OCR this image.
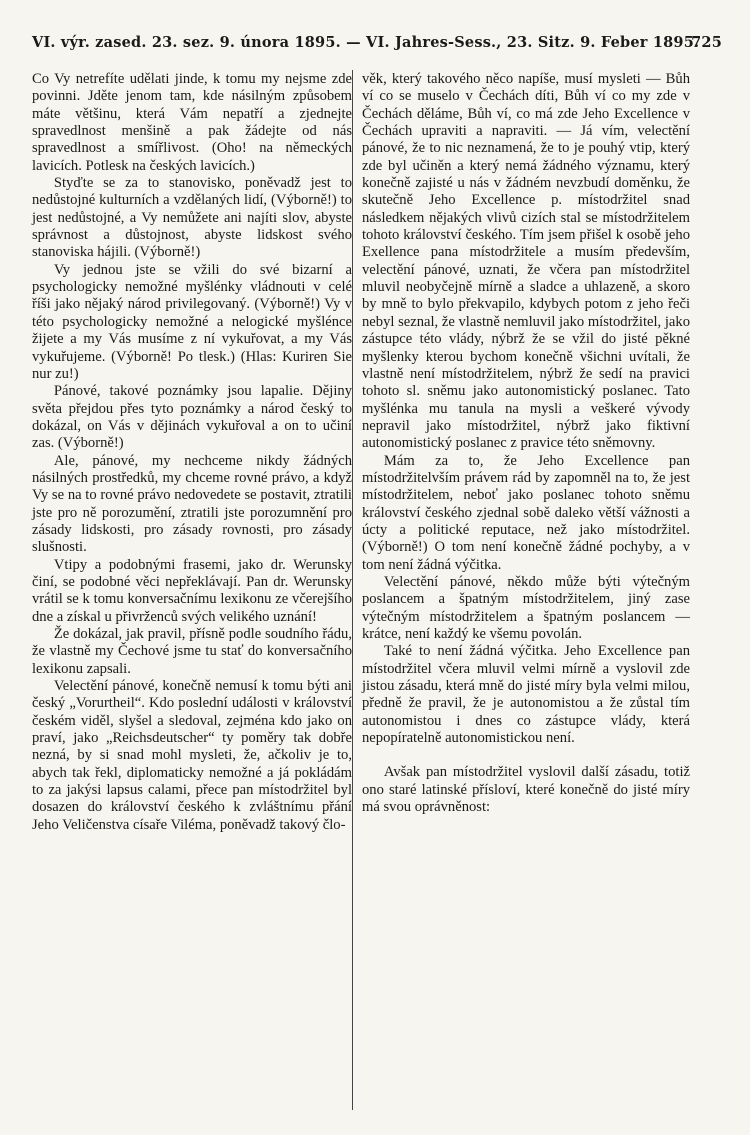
VI. výr. zased. 23. sez. 9. února 1895. — VI. Jahres-Sess., 23. Sitz. 9. Feber 1895.
725

Co Vy netrefíte udělati jinde, k tomu my nejsme zde povinni. Jděte jenom tam, kde násilným způsobem máte většinu, která Vám nepatří a zjednejte spravedlnost menšině a pak žádejte od nás spravedlnost a smířlivost. (Oho! na německých lavicích. Potlesk na českých lavicích.)

Styďte se za to stanovisko, poněvadž jest to nedůstojné kulturních a vzdělaných lidí, (Výborně!) to jest nedůstojné, a Vy nemůžete ani najíti slov, abyste správnost a důstojnost, abyste lidskost svého stanoviska hájili. (Výborně!)

Vy jednou jste se vžili do své bizarní a psychologicky nemožné myšlénky vládnouti v celé říši jako nějaký národ privilegovaný. (Výborně!) Vy v této psychologicky nemožné a nelogické myšlénce žijete a my Vás musíme z ní vykuřovat, a my Vás vykuřujeme. (Výborně! Po tlesk.) (Hlas: Kuriren Sie nur zu!)

Pánové, takové poznámky jsou lapalie. Dějiny světa přejdou přes tyto poznámky a národ český to dokázal, on Vás v dějinách vykuřoval a on to učiní zas. (Výborně!)

Ale, pánové, my nechceme nikdy žádných násilných prostředků, my chceme rovné právo, a když Vy se na to rovné právo nedovedete se postavit, ztratili jste pro ně porozumění, ztratili jste porozumnění pro zásady lidskosti, pro zásady rovnosti, pro zásady slušnosti.

Vtipy a podobnými frasemi, jako dr. Werunsky činí, se podobné věci nepřeklávají. Pan dr. Werunsky vrátil se k tomu konversačnímu lexikonu ze včerejšího dne a získal u přivrženců svých velikého uznání!

Že dokázal, jak pravil, přísně podle soudního řádu, že vlastně my Čechové jsme tu stať do konversačního lexikonu zapsali.

Velectění pánové, konečně nemusí k tomu býti ani český „Vorurtheil“. Kdo poslední události v království českém viděl, slyšel a sledoval, zejména kdo jako on praví, jako „Reichsdeutscher“ ty poměry tak dobře nezná, by si snad mohl mysleti, že, ačkoliv je to, abych tak řekl, diplomaticky nemožné a já pokládám to za jakýsi lapsus calami, přece pan místodržitel byl dosazen do království českého k zvláštnímu přání Jeho Veličenstva císaře Viléma, poněvadž takový člo-

věk, který takového něco napíše, musí mysleti — Bůh ví co se muselo v Čechách díti, Bůh ví co my zde v Čechách děláme, Bůh ví, co má zde Jeho Excellence v Čechách upraviti a napraviti. — Já vím, velectění pánové, že to nic neznamená, že to je pouhý vtip, který zde byl učiněn a který nemá žádného významu, který konečně zajisté u nás v žádném nevzbudí doměnku, že skutečně Jeho Excellence p. místodržitel snad následkem nějakých vlivů cizích stal se místodržitelem tohoto království českého. Tím jsem přišel k osobě jeho Exellence pana místodržitele a musím především, velectění pánové, uznati, že včera pan místodržitel mluvil neobyčejně mírně a sladce a uhlazeně, a skoro by mně to bylo překvapilo, kdybych potom z jeho řeči nebyl seznal, že vlastně nemluvil jako místodržitel, jako zástupce této vlády, nýbrž že se vžil do jisté pěkné myšlenky kterou bychom konečně všichni uvítali, že vlastně není místodržitelem, nýbrž že sedí na pravici tohoto sl. sněmu jako autonomistický poslanec. Tato myšlénka mu tanula na mysli a veškeré vývody nepravil jako místodržitel, nýbrž jako fiktivní autonomistický poslanec z pravice této sněmovny.

Mám za to, že Jeho Excellence pan místodržitelvším právem rád by zapomněl na to, že jest místodržitelem, neboť jako poslanec tohoto sněmu království českého zjednal sobě daleko větší vážnosti a úcty a politické reputace, než jako místodržitel. (Výborně!) O tom není konečně žádné pochyby, a v tom není žádná výčitka.

Velectění pánové, někdo může býti výtečným poslancem a špatným místodržitelem, jiný zase výtečným místodržitelem a špatným poslancem — krátce, není každý ke všemu povolán.

Také to není žádná výčitka. Jeho Excellence pan místodržitel včera mluvil velmi mírně a vyslovil zde jistou zásadu, která mně do jisté míry byla velmi milou, předně že pravil, že je autonomistou a že zůstal tím autonomistou i dnes co zástupce vlády, která nepopíratelně autonomistickou není.

Avšak pan místodržitel vyslovil další zásadu, totiž ono staré latinské přísloví, které konečně do jisté míry má svou oprávněnost:
